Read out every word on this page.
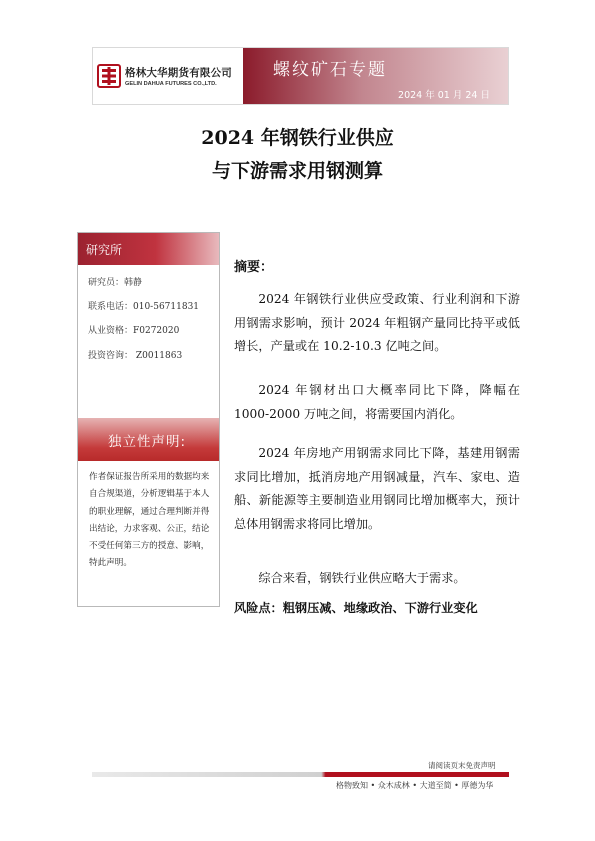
格林大华期货有限公司
GELIN DAHUA FUTURES CO.,LTD.
螺纹矿石专题
2024 年 01 月 24 日
2024 年钢铁行业供应
与下游需求用钢测算
研究所
研究员：韩静
联系电话：010-56711831
从业资格：F0272020
投资咨询： Z0011863
独立性声明:
作者保证报告所采用的数据均来自合规渠道，分析逻辑基于本人的职业理解，通过合理判断并得出结论，力求客观、公正，结论不受任何第三方的授意、影响，特此声明。
摘要：

2024 年钢铁行业供应受政策、行业利润和下游用钢需求影响，预计 2024 年粗钢产量同比持平或低增长，产量或在 10.2-10.3 亿吨之间。

2024 年钢材出口大概率同比下降，降幅在 1000-2000 万吨之间，将需要国内消化。

2024 年房地产用钢需求同比下降，基建用钢需求同比增加，抵消房地产用钢减量，汽车、家电、造船、新能源等主要制造业用钢同比增加概率大，预计总体用钢需求将同比增加。

综合来看，钢铁行业供应略大于需求。

风险点：粗钢压减、地缘政治、下游行业变化
请阅读页末免责声明
格物致知 • 众木成林 • 大道至简 • 厚德为华
